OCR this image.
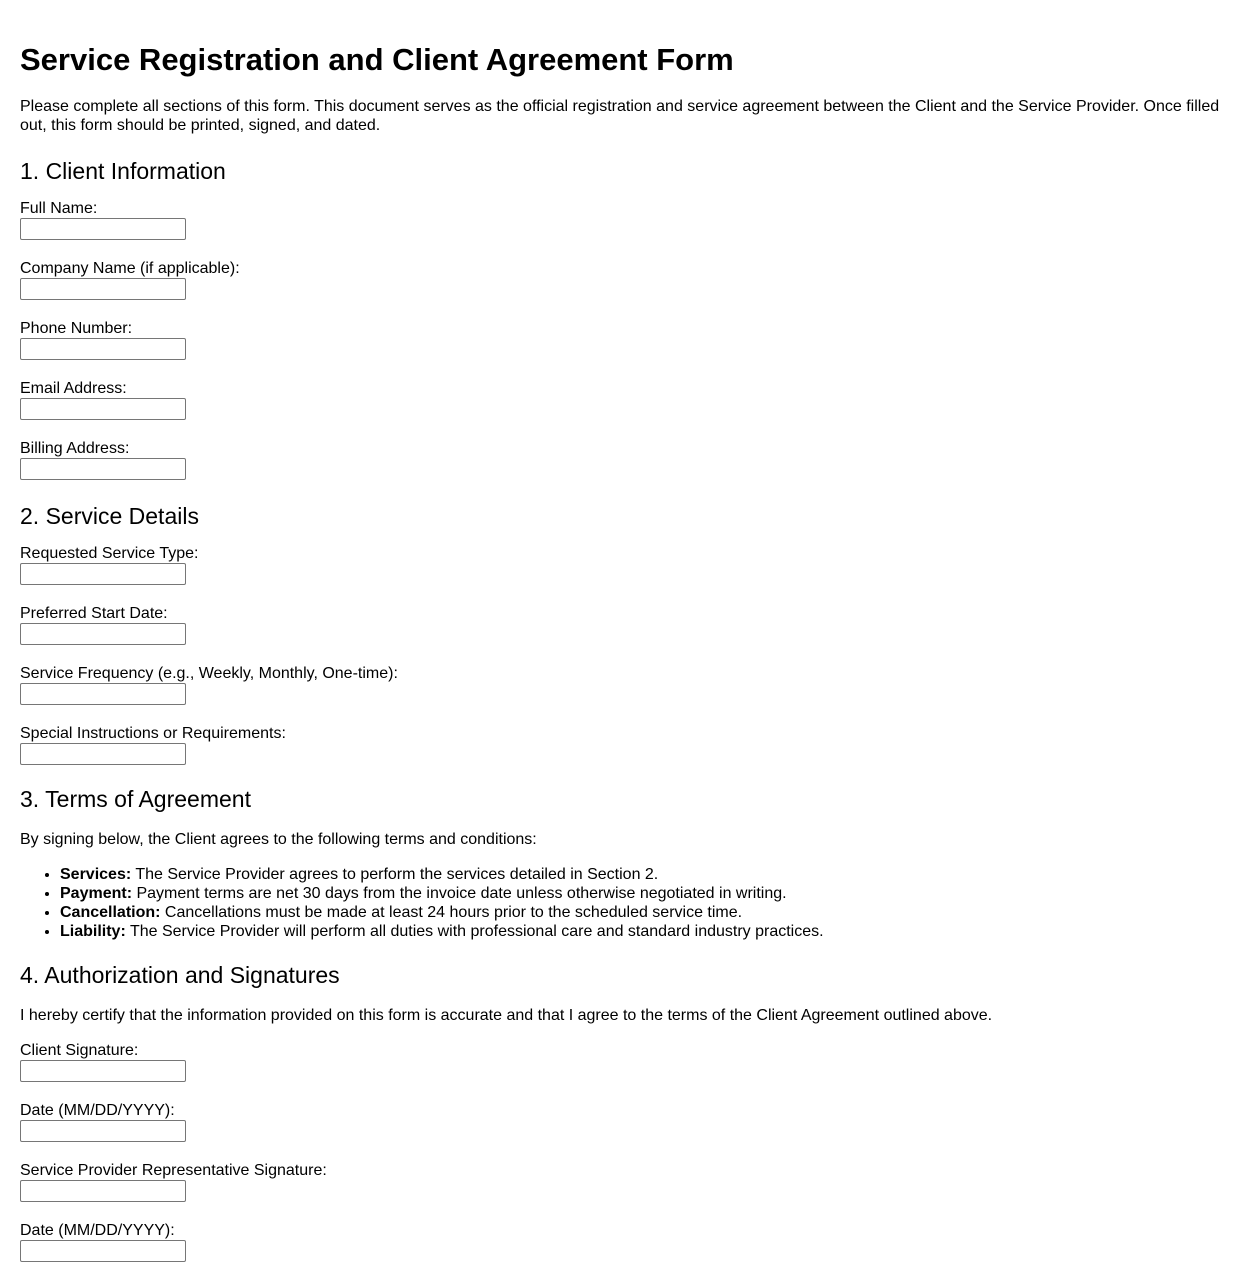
Service Registration and Client Agreement Form

Please complete all sections of this form. This document serves as the official registration and service agreement between the Client and the Service Provider. Once filled out, this form should be printed, signed, and dated.

1. Client Information
Full Name:
Company Name (if applicable):
Phone Number:
Email Address:
Billing Address:
2. Service Details
Requested Service Type:
Preferred Start Date:
Service Frequency (e.g., Weekly, Monthly, One-time):
Special Instructions or Requirements:
3. Terms of Agreement

By signing below, the Client agrees to the following terms and conditions:

• Services: The Service Provider agrees to perform the services detailed in Section 2.
• Payment: Payment terms are net 30 days from the invoice date unless otherwise negotiated in writing.
• Cancellation: Cancellations must be made at least 24 hours prior to the scheduled service time.
• Liability: The Service Provider will perform all duties with professional care and standard industry practices.
4. Authorization and Signatures

I hereby certify that the information provided on this form is accurate and that I agree to the terms of the Client Agreement outlined above.

Client Signature:
Date (MM/DD/YYYY):
Service Provider Representative Signature:
Date (MM/DD/YYYY):
